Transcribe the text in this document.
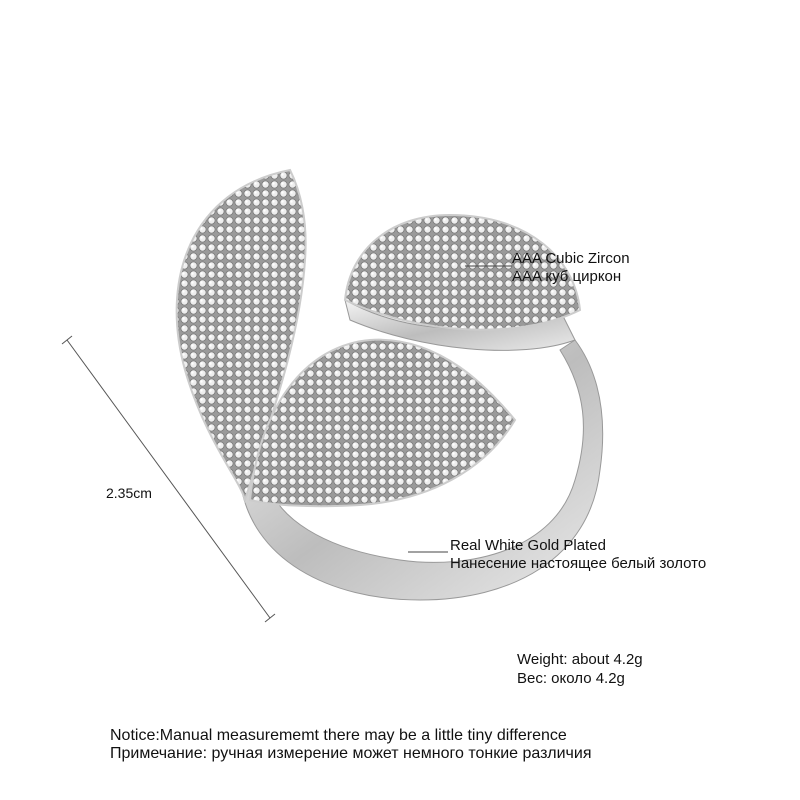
2.35cm
AAA Cubic Zircon
AAA куб циркон
Real White Gold Plated
Нанесение настоящее белый золото
Weight: about 4.2g
Вес: около 4.2g
Notice:Manual measurememt there may be a little tiny difference
Примечание: ручная измерение может немного тонкие различия
